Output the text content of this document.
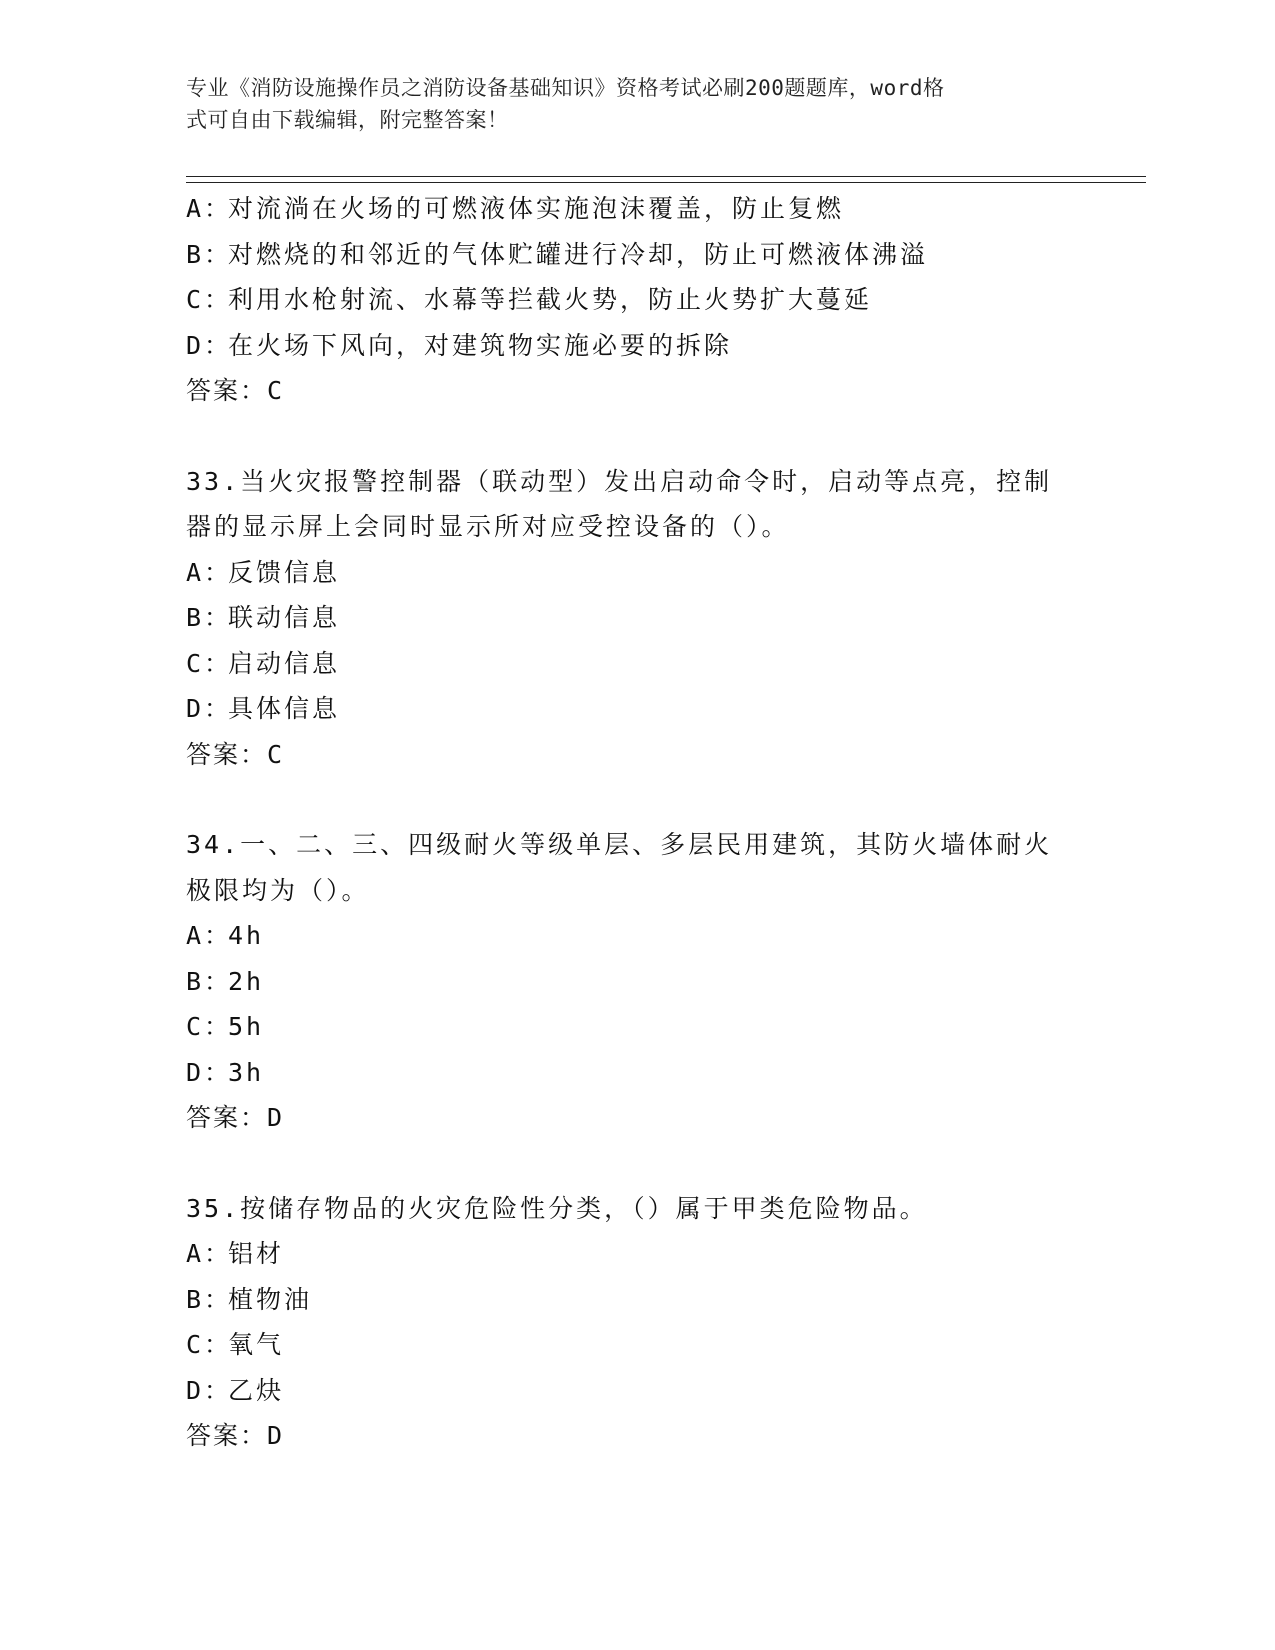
专业《消防设施操作员之消防设备基础知识》资格考试必刷200题题库，word格
式可自由下载编辑，附完整答案！
A：对流淌在火场的可燃液体实施泡沫覆盖，防止复燃
B：对燃烧的和邻近的气体贮罐进行冷却，防止可燃液体沸溢
C：利用水枪射流、水幕等拦截火势，防止火势扩大蔓延
D：在火场下风向，对建筑物实施必要的拆除
答案：C
33.当火灾报警控制器（联动型）发出启动命令时，启动等点亮，控制器的显示屏上会同时显示所对应受控设备的（）。
A：反馈信息
B：联动信息
C：启动信息
D：具体信息
答案：C
34.一、二、三、四级耐火等级单层、多层民用建筑，其防火墙体耐火极限均为（）。
A：4h
B：2h
C：5h
D：3h
答案：D
35.按储存物品的火灾危险性分类，（）属于甲类危险物品。
A：铝材
B：植物油
C：氧气
D：乙炔
答案：D
